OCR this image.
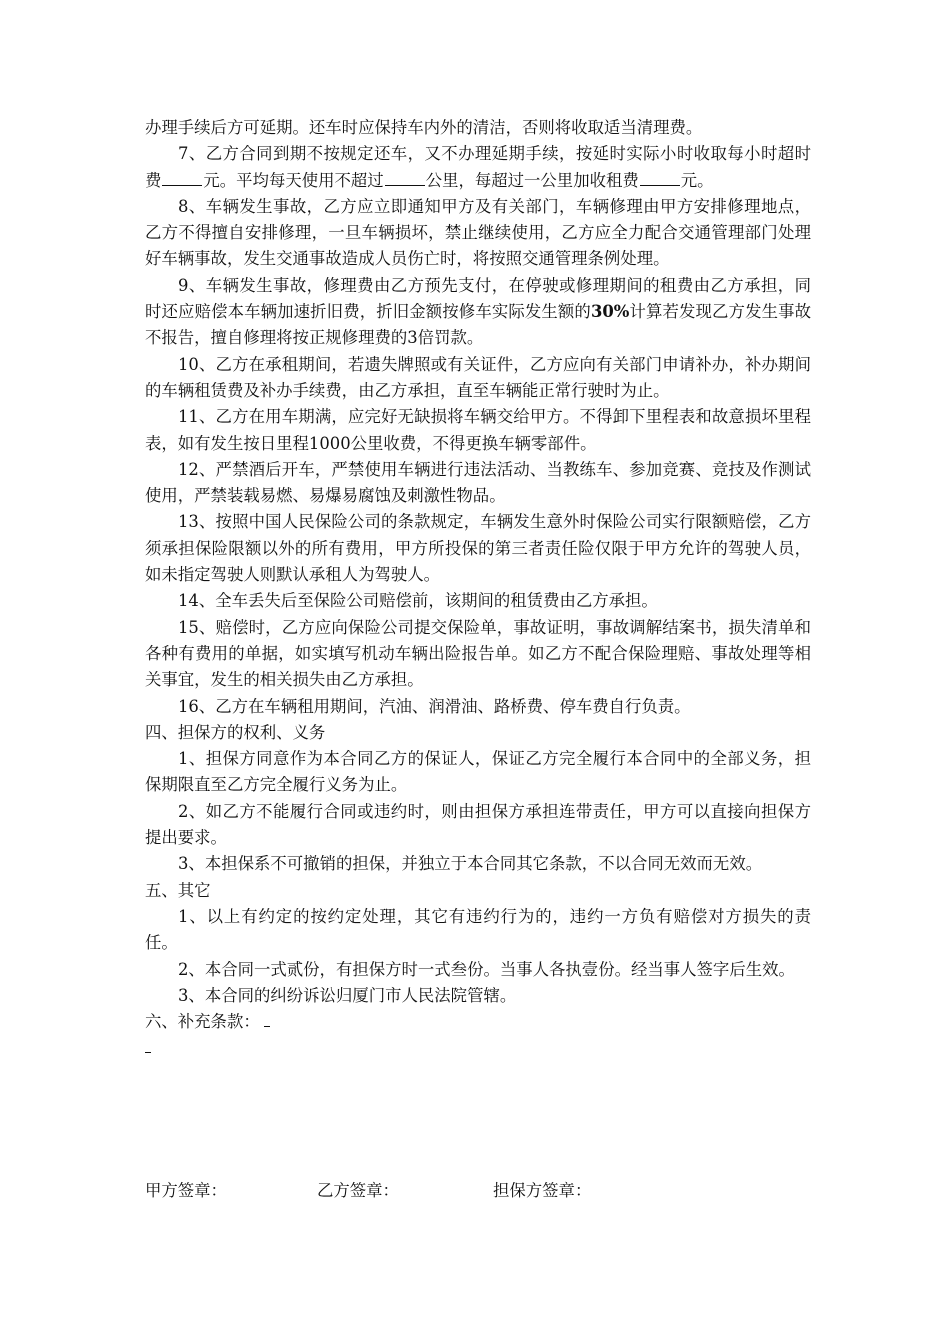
办理手续后方可延期。还车时应保持车内外的清洁，否则将收取适当清理费。

7、乙方合同到期不按规定还车，又不办理延期手续，按延时实际小时收取每小时超时费	元。平均每天使用不超过	公里，每超过一公里加收租费	元。

8、车辆发生事故，乙方应立即通知甲方及有关部门，车辆修理由甲方安排修理地点，乙方不得擅自安排修理，一旦车辆损坏，禁止继续使用，乙方应全力配合交通管理部门处理好车辆事故，发生交通事故造成人员伤亡时，将按照交通管理条例处理。

9、车辆发生事故，修理费由乙方预先支付，在停驶或修理期间的租费由乙方承担，同时还应赔偿本车辆加速折旧费，折旧金额按修车实际发生额的30%计算若发现乙方发生事故不报告，擅自修理将按正规修理费的3倍罚款。

10、乙方在承租期间，若遗失牌照或有关证件，乙方应向有关部门申请补办，补办期间的车辆租赁费及补办手续费，由乙方承担，直至车辆能正常行驶时为止。

11、乙方在用车期满，应完好无缺损将车辆交给甲方。不得卸下里程表和故意损坏里程表，如有发生按日里程1000公里收费，不得更换车辆零部件。

12、严禁酒后开车，严禁使用车辆进行违法活动、当教练车、参加竞赛、竞技及作测试使用，严禁装载易燃、易爆易腐蚀及刺激性物品。

13、按照中国人民保险公司的条款规定，车辆发生意外时保险公司实行限额赔偿，乙方须承担保险限额以外的所有费用，甲方所投保的第三者责任险仅限于甲方允许的驾驶人员，如未指定驾驶人则默认承租人为驾驶人。

14、全车丢失后至保险公司赔偿前，该期间的租赁费由乙方承担。

15、赔偿时，乙方应向保险公司提交保险单，事故证明，事故调解结案书，损失清单和各种有费用的单据，如实填写机动车辆出险报告单。如乙方不配合保险理赔、事故处理等相关事宜，发生的相关损失由乙方承担。

16、乙方在车辆租用期间，汽油、润滑油、路桥费、停车费自行负责。

四、担保方的权利、义务

1、担保方同意作为本合同乙方的保证人，保证乙方完全履行本合同中的全部义务，担保期限直至乙方完全履行义务为止。

2、如乙方不能履行合同或违约时，则由担保方承担连带责任，甲方可以直接向担保方提出要求。

3、本担保系不可撤销的担保，并独立于本合同其它条款，不以合同无效而无效。

五、其它

1、以上有约定的按约定处理，其它有违约行为的，违约一方负有赔偿对方损失的责任。

2、本合同一式贰份，有担保方时一式叁份。当事人各执壹份。经当事人签字后生效。

3、本合同的纠纷诉讼归厦门市人民法院管辖。

六、补充条款：

甲方签章：	乙方签章：	担保方签章：
